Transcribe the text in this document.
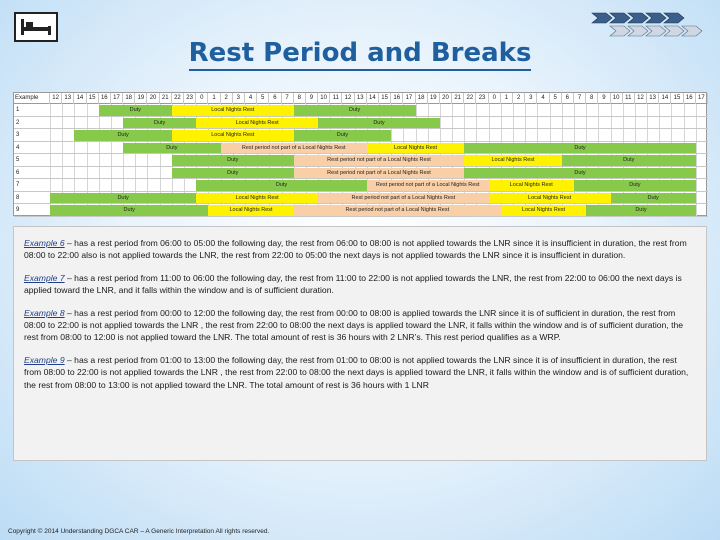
Rest Period and Breaks
Example	12 13 14 15 16 17 18 19 20 21 22 23	0	1	2	3	4	5	6	7	8	9	10 11 12 13 14 15 16 17 18 19 20 21 22 23	0	1	2	3	4	5	6	7	8	9	10 11 12 13 14 15 16 17
1	Duty	Local Nights Rest	Duty
2	Duty	Local Nights Rest	Duty
3	Duty	Local Nights Rest	Duty
4	Duty	Rest period not part of a Local Nights Rest	Local Nights Rest	Duty
5	Duty	Rest period not part of a Local Nights Rest	Local Nights Rest	Duty
6	Duty	Rest period not part of a Local Nights Rest	Duty
7	Duty	Rest period not part of a Local Nights Rest	Local Nights Rest	Duty
8	Duty	Local Nights Rest	Rest period not part of a Local Nights Rest	Local Nights Rest	Duty
9	Duty	Local Nights Rest	Rest period not part of a Local Nights Rest	Local Nights Rest	Duty

Example 6 – has a rest period from 06:00 to 05:00 the following day, the rest from 06:00 to 08:00 is not applied towards the LNR since it is insufficient in duration, the rest from 08:00 to 22:00 also is not applied towards the LNR, the rest from 22:00 to 05:00 the next days is not applied towards the LNR since it is insufficient in duration.

Example 7 – has a rest period from 11:00 to 06:00 the following day, the rest from 11:00 to 22:00 is not applied towards the LNR, the rest from 22:00 to 06:00 the next days is applied toward the LNR, and it falls within the window and is of sufficient duration.

Example 8 – has a rest period from 00:00 to 12:00 the following day, the rest from 00:00 to 08:00 is applied towards the LNR since it is of sufficient in duration, the rest from 08:00 to 22:00 is not applied towards the LNR , the rest from 22:00 to 08:00 the next days is applied toward the LNR, it falls within the window and is of sufficient duration, the rest from 08:00 to 12:00 is not applied toward the LNR. The total amount of rest is 36 hours with 2 LNR’s. This rest period qualifies as a WRP.

Example 9 – has a rest period from 01:00 to 13:00 the following day, the rest from 01:00 to 08:00 is not applied towards the LNR since it is of insufficient in duration, the rest from 08:00 to 22:00 is not applied towards the LNR , the rest from 22:00 to 08:00 the next days is applied toward the LNR, it falls within the window and is of sufficient duration, the rest from 08:00 to 13:00 is not applied toward the LNR. The total amount of rest is 36 hours with 1 LNR

Copyright © 2014 Understanding DGCA CAR – A Generic Interpretation All rights reserved.
